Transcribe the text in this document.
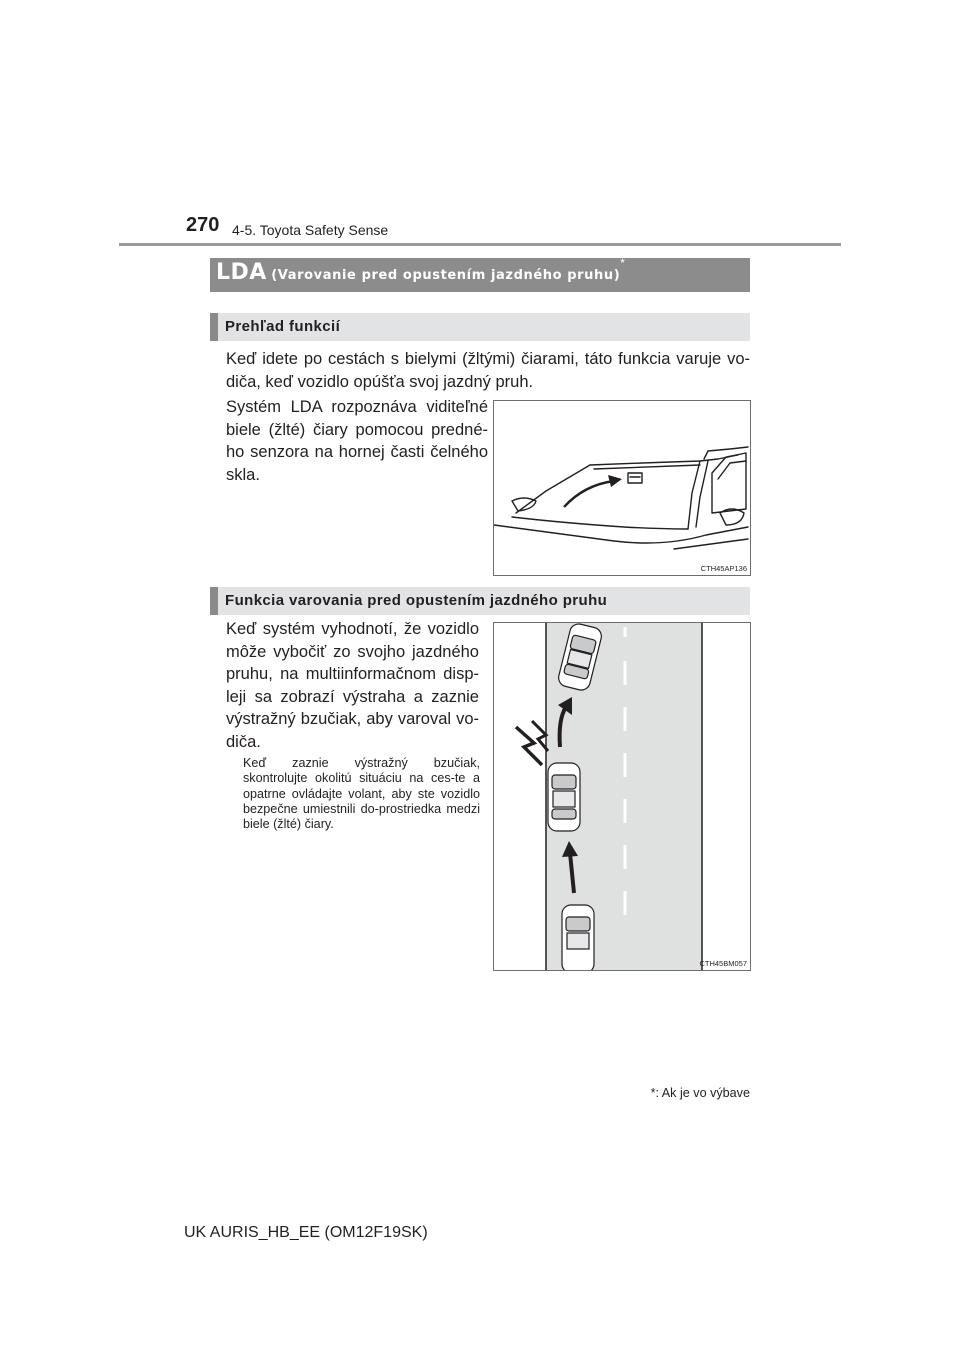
270 4-5. Toyota Safety Sense
LDA (Varovanie pred opustením jazdného pruhu)*
Prehľad funkcií
Keď idete po cestách s bielymi (žltými) čiarami, táto funkcia varuje vo-diča, keď vozidlo opúšťa svoj jazdný pruh.
Systém LDA rozpoznáva viditeľné biele (žlté) čiary pomocou predné-ho senzora na hornej časti čelného skla.
CTH45AP136
Funkcia varovania pred opustením jazdného pruhu
Keď systém vyhodnotí, že vozidlo môže vybočiť zo svojho jazdného pruhu, na multiinformačnom disp-leji sa zobrazí výstraha a zaznie výstražný bzučiak, aby varoval vo-diča.
Keď zaznie výstražný bzučiak, skontrolujte okolitú situáciu na ces-te a opatrne ovládajte volant, aby ste vozidlo bezpečne umiestnili do-prostriedka medzi biele (žlté) čiary.
CTH45BM057
*: Ak je vo výbave
UK AURIS_HB_EE (OM12F19SK)
